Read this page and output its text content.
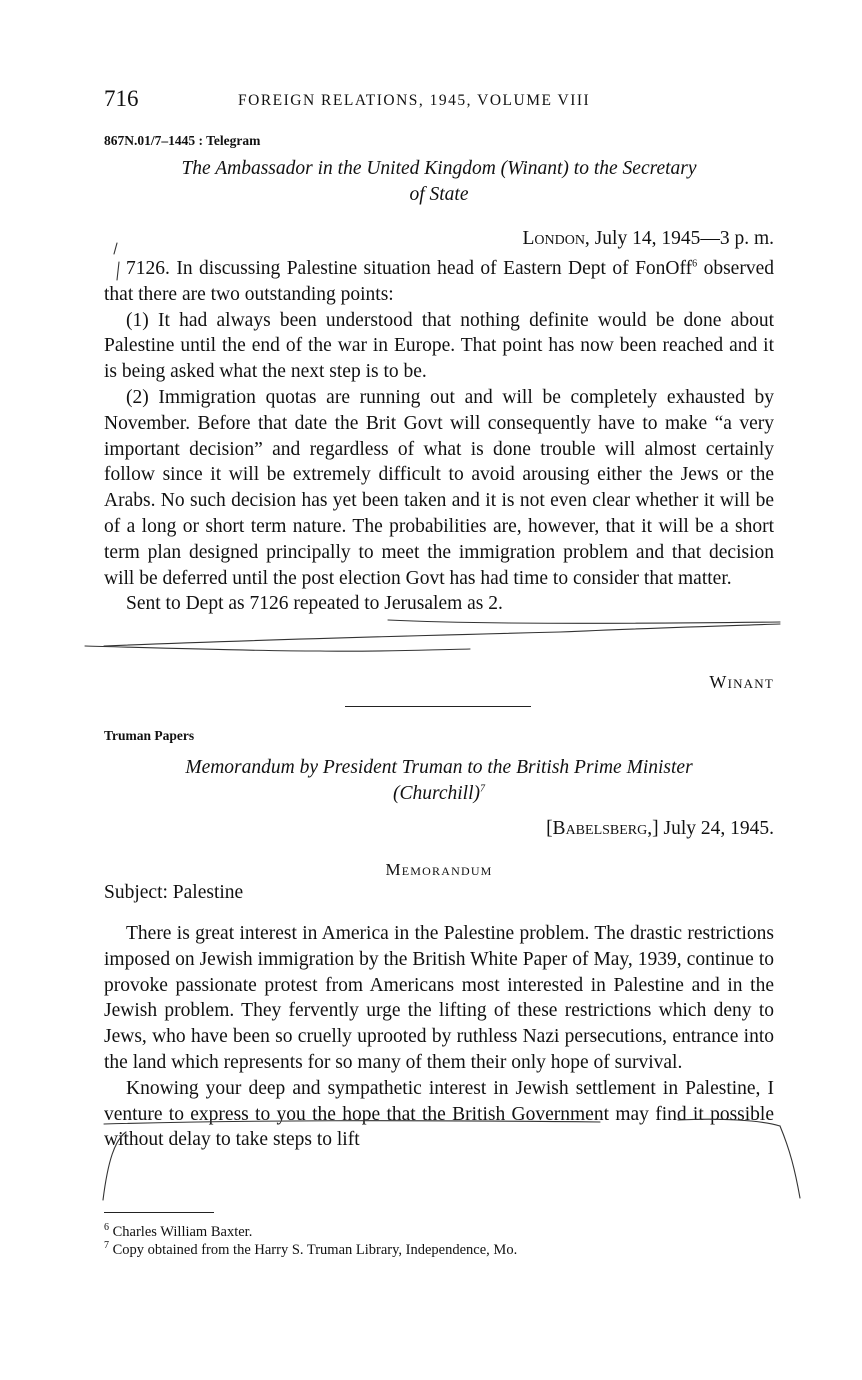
716	FOREIGN RELATIONS, 1945, VOLUME VIII
867N.01/7–1445 : Telegram
The Ambassador in the United Kingdom (Winant) to the Secretary
of State
London, July 14, 1945—3 p. m.

7126. In discussing Palestine situation head of Eastern Dept of FonOff$^6$ observed that there are two outstanding points:

(1) It had always been understood that nothing definite would be done about Palestine until the end of the war in Europe. That point has now been reached and it is being asked what the next step is to be.

(2) Immigration quotas are running out and will be completely exhausted by November. Before that date the Brit Govt will consequently have to make “a very important decision” and regardless of what is done trouble will almost certainly follow since it will be extremely difficult to avoid arousing either the Jews or the Arabs. No such decision has yet been taken and it is not even clear whether it will be of a long or short term nature. The probabilities are, however, that it will be a short term plan designed principally to meet the immigration problem and that decision will be deferred until the post election Govt has had time to consider that matter.

Sent to Dept as 7126 repeated to Jerusalem as 2.

Winant
Truman Papers
Memorandum by President Truman to the British Prime Minister
(Churchill)$^7$
[Babelsberg,] July 24, 1945.
Memorandum
Subject: Palestine

There is great interest in America in the Palestine problem. The drastic restrictions imposed on Jewish immigration by the British White Paper of May, 1939, continue to provoke passionate protest from Americans most interested in Palestine and in the Jewish problem. They fervently urge the lifting of these restrictions which deny to Jews, who have been so cruelly uprooted by ruthless Nazi persecutions, entrance into the land which represents for so many of them their only hope of survival.

Knowing your deep and sympathetic interest in Jewish settlement in Palestine, I venture to express to you the hope that the British Government may find it possible without delay to take steps to lift

$^6$ Charles William Baxter.
$^7$ Copy obtained from the Harry S. Truman Library, Independence, Mo.
